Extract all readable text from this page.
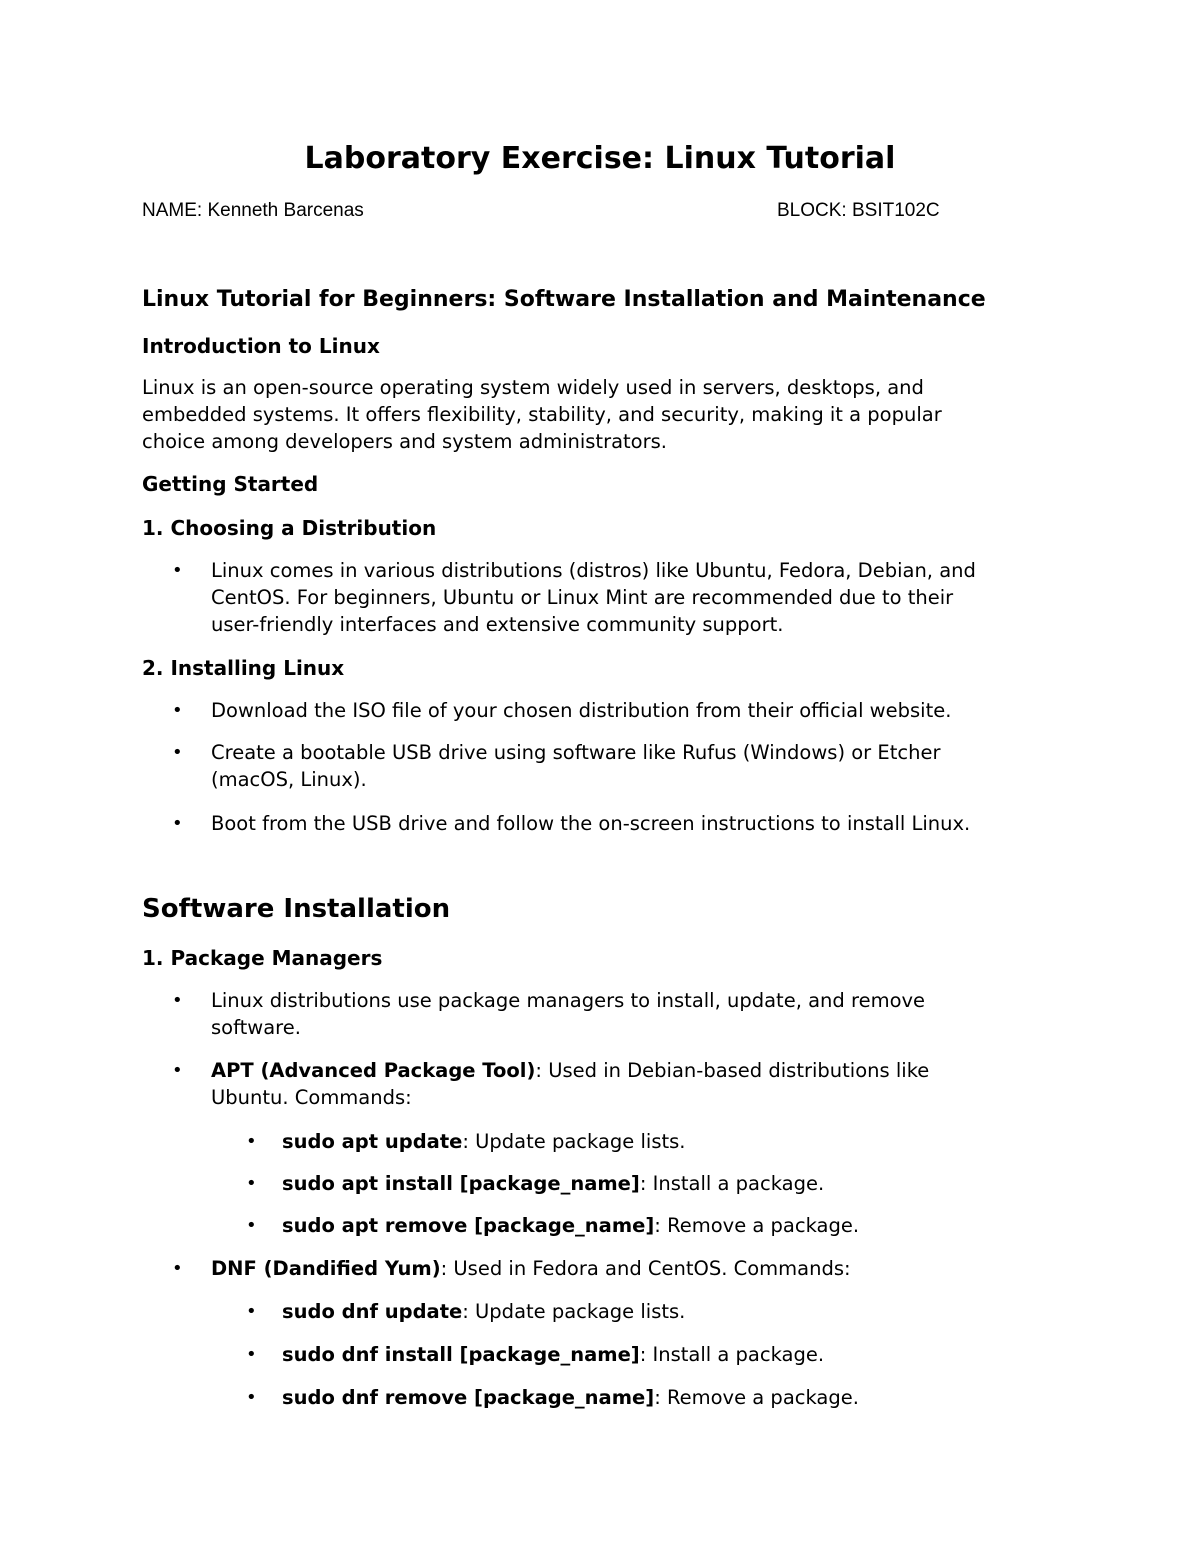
Laboratory Exercise: Linux Tutorial
NAME: Kenneth Barcenas	BLOCK: BSIT102C
Linux Tutorial for Beginners: Software Installation and Maintenance
Introduction to Linux
Linux is an open-source operating system widely used in servers, desktops, and
embedded systems. It offers flexibility, stability, and security, making it a popular
choice among developers and system administrators.
Getting Started
1. Choosing a Distribution
• Linux comes in various distributions (distros) like Ubuntu, Fedora, Debian, and
CentOS. For beginners, Ubuntu or Linux Mint are recommended due to their
user-friendly interfaces and extensive community support.
2. Installing Linux
• Download the ISO file of your chosen distribution from their official website.
• Create a bootable USB drive using software like Rufus (Windows) or Etcher
(macOS, Linux).
• Boot from the USB drive and follow the on-screen instructions to install Linux.
Software Installation
1. Package Managers
• Linux distributions use package managers to install, update, and remove
software.
• APT (Advanced Package Tool): Used in Debian-based distributions like
Ubuntu. Commands:
• sudo apt update: Update package lists.
• sudo apt install [package_name]: Install a package.
• sudo apt remove [package_name]: Remove a package.
• DNF (Dandified Yum): Used in Fedora and CentOS. Commands:
• sudo dnf update: Update package lists.
• sudo dnf install [package_name]: Install a package.
• sudo dnf remove [package_name]: Remove a package.
